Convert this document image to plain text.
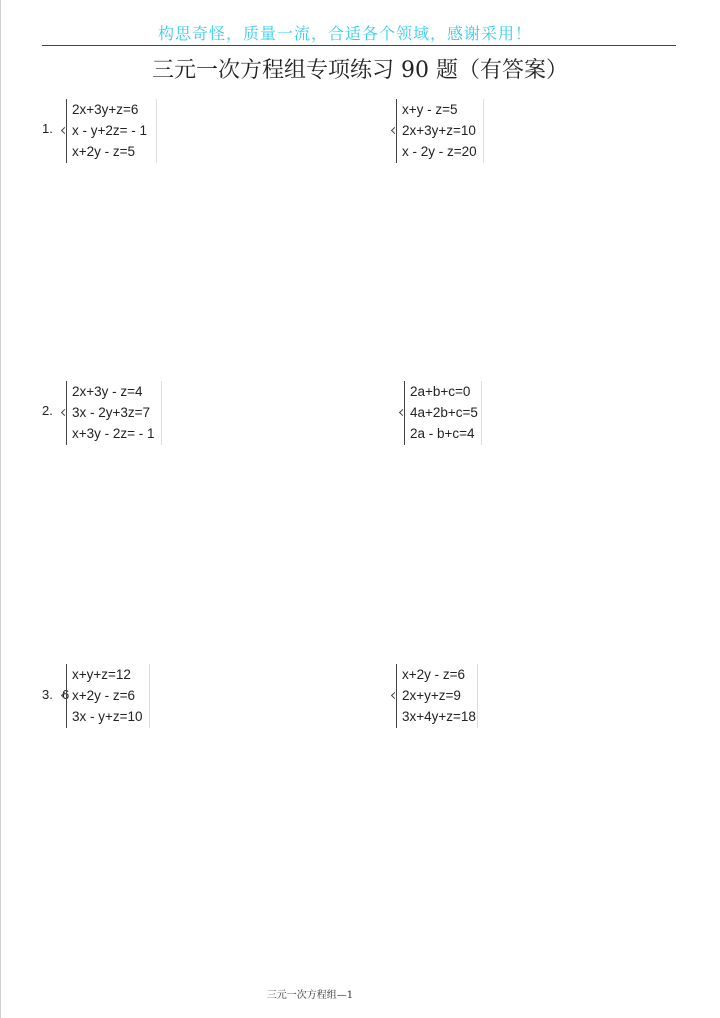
构思奇怪，质量一流，合适各个领域，感谢采用！
三元一次方程组专项练习 90 题（有答案）
1.
2x+3y+z=6
x - y+2z= - 1
x+2y - z=5
x+y - z=5
2x+3y+z=10
x - 2y - z=20
2.
2x+3y - z=4
3x - 2y+3z=7
x+3y - 2z= - 1
2a+b+c=0
4a+2b+c=5
2a - b+c=4
3. 6
x+y+z=12
x+2y - z=6
3x - y+z=10
x+2y - z=6
2x+y+z=9
3x+4y+z=18
三元一次方程组—1
